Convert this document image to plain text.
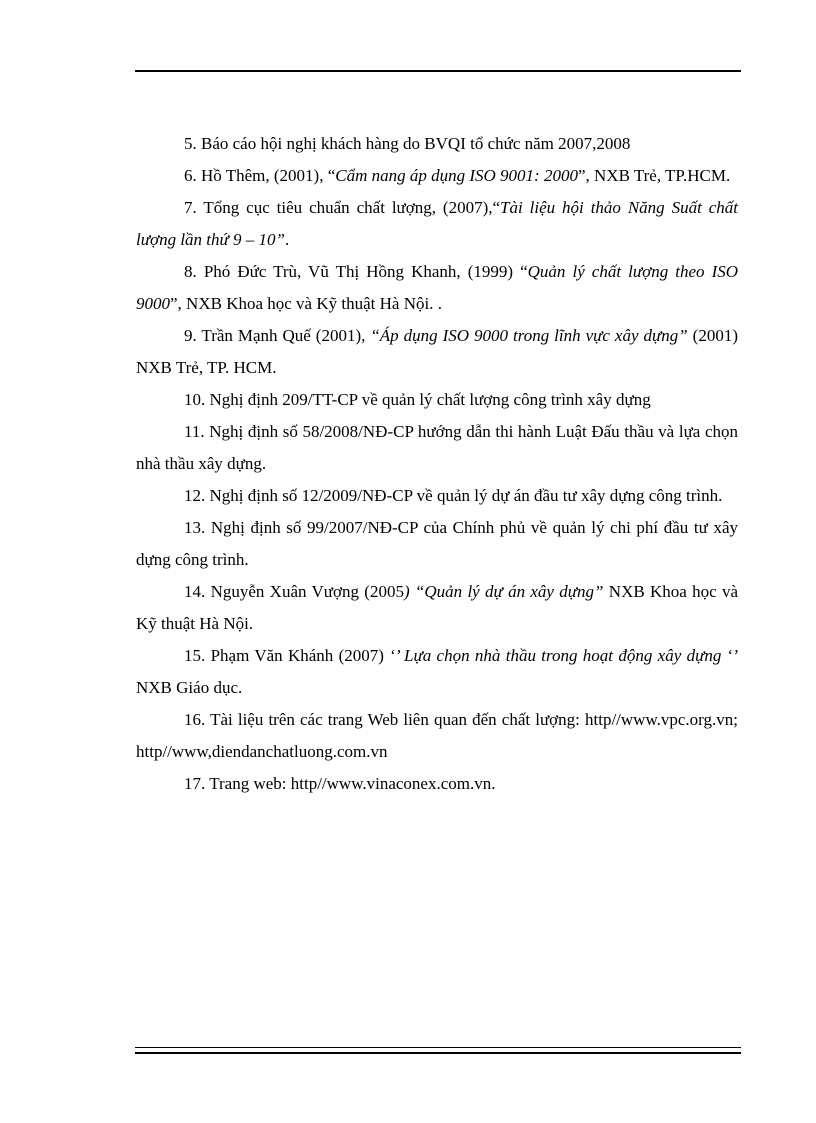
5. Báo cáo hội nghị khách hàng do BVQI tổ chức năm 2007,2008

6. Hồ Thêm, (2001), “Cẩm nang áp dụng ISO 9001: 2000”, NXB Trẻ, TP.HCM.

7. Tổng cục tiêu chuẩn chất lượng, (2007),“Tài liệu hội thảo Năng Suất chất lượng lần thứ 9 – 10”.

8. Phó Đức Trù, Vũ Thị Hồng Khanh, (1999) “Quản lý chất lượng theo ISO 9000”, NXB Khoa học và Kỹ thuật Hà Nội. .

9. Trần Mạnh Quế (2001), “Áp dụng ISO 9000 trong lĩnh vực xây dựng” (2001) NXB Trẻ, TP. HCM.

10. Nghị định 209/TT-CP về quản lý chất lượng công trình xây dựng

11. Nghị định số 58/2008/NĐ-CP hướng dẫn thi hành Luật Đấu thầu và lựa chọn nhà thầu xây dựng.

12. Nghị định số 12/2009/NĐ-CP về quản lý dự án đầu tư xây dựng công trình.

13. Nghị định số 99/2007/NĐ-CP của Chính phủ về quản lý chi phí đầu tư xây dựng công trình.

14. Nguyễn Xuân Vượng (2005) “Quản lý dự án xây dựng” NXB Khoa học và Kỹ thuật Hà Nội.

15. Phạm Văn Khánh (2007) ‘’ Lựa chọn nhà thầu trong hoạt động xây dựng ‘’ NXB Giáo dục.

16. Tài liệu trên các trang Web liên quan đến chất lượng: http//www.vpc.org.vn; http//www,diendanchatluong.com.vn

17. Trang web: http//www.vinaconex.com.vn.
